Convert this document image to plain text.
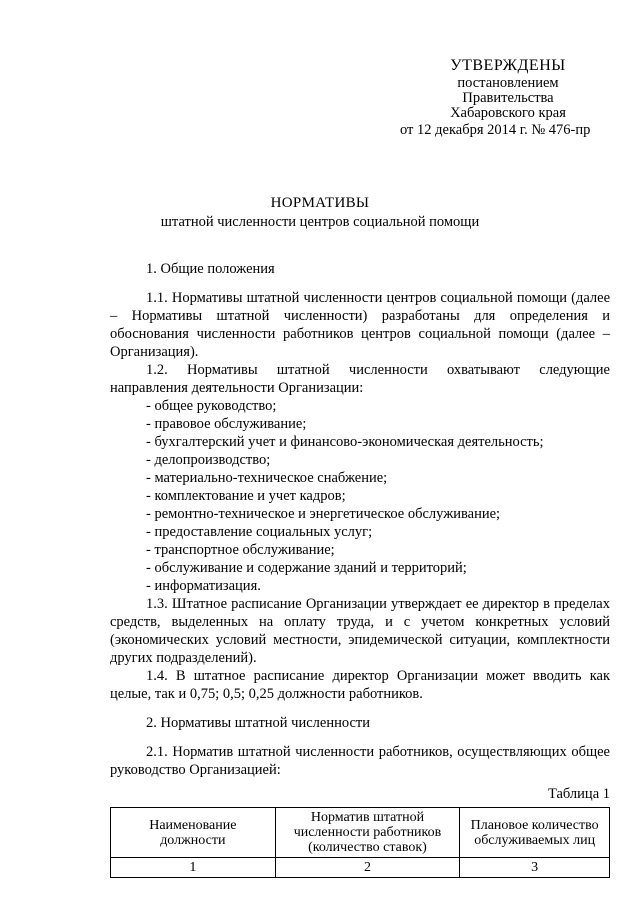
УТВЕРЖДЕНЫ
постановлением
Правительства
Хабаровского края
от 12 декабря 2014 г. № 476-пр
НОРМАТИВЫ
штатной численности центров социальной помощи

1. Общие положения

1.1. Нормативы штатной численности центров социальной помощи (далее – Нормативы штатной численности) разработаны для определения и обоснования численности работников центров социальной помощи (далее – Организация).

1.2. Нормативы штатной численности охватывают следующие направления деятельности Организации:

- общее руководство;
- правовое обслуживание;
- бухгалтерский учет и финансово-экономическая деятельность;
- делопроизводство;
- материально-техническое снабжение;
- комплектование и учет кадров;
- ремонтно-техническое и энергетическое обслуживание;
- предоставление социальных услуг;
- транспортное обслуживание;
- обслуживание и содержание зданий и территорий;
- информатизация.

1.3. Штатное расписание Организации утверждает ее директор в пределах средств, выделенных на оплату труда, и с учетом конкретных условий (экономических условий местности, эпидемической ситуации, комплектности других подразделений).

1.4. В штатное расписание директор Организации может вводить как целые, так и 0,75; 0,5; 0,25 должности работников.

2. Нормативы штатной численности

2.1. Норматив штатной численности работников, осуществляющих общее руководство Организацией:

Таблица 1
Наименование должности	Норматив штатной численности работников (количество ставок)	Плановое количество обслуживаемых лиц
1	2	3
